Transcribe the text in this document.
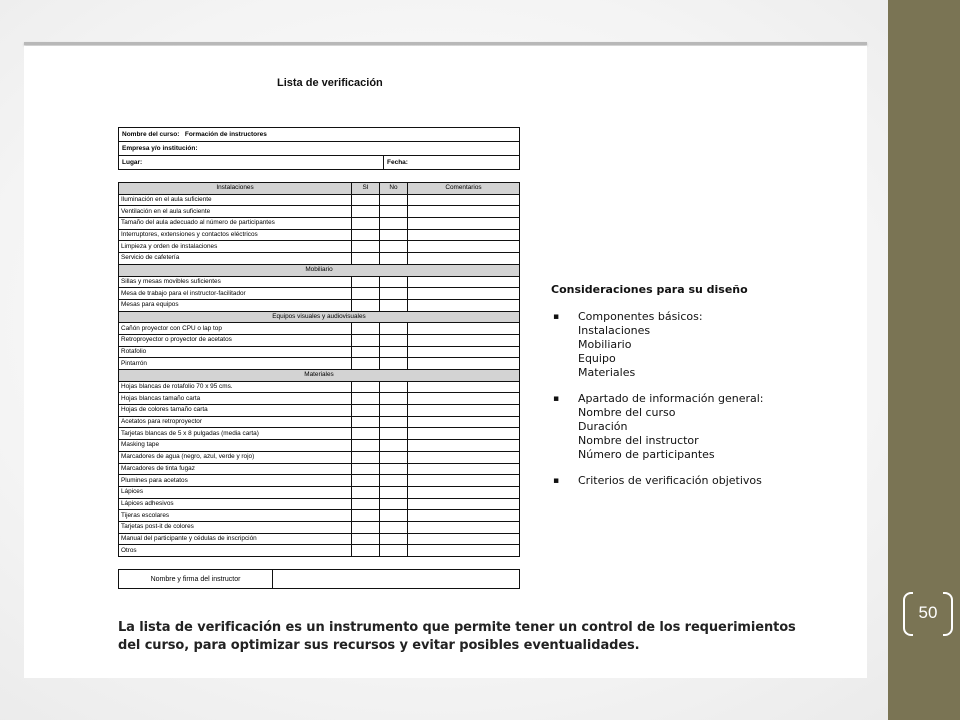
50
Lista de verificación
Nombre del curso: Formación de instructores
Empresa y/o institución:
Lugar:	Fecha:
Instalaciones	SI	No	Comentarios
Iluminación en el aula suficiente			
Ventilación en el aula suficiente			
Tamaño del aula adecuado al número de participantes			
Interruptores, extensiones y contactos eléctricos			
Limpieza y orden de instalaciones			
Servicio de cafetería			
Mobiliario			
Sillas y mesas movibles suficientes			
Mesa de trabajo para el instructor-facilitador			
Mesas para equipos			
Equipos visuales y audiovisuales			
Cañón proyector con CPU o lap top			
Retroproyector o proyector de acetatos			
Rotafolio			
Pintarrón			
Materiales			
Hojas blancas de rotafolio 70 x 95 cms.			
Hojas blancas tamaño carta			
Hojas de colores tamaño carta			
Acetatos para retroproyector			
Tarjetas blancas de 5 x 8 pulgadas (media carta)			
Masking tape			
Marcadores de agua (negro, azul, verde y rojo)			
Marcadores de tinta fugaz			
Plumines para acetatos			
Lápices			
Lápices adhesivos			
Tijeras escolares			
Tarjetas post-it de colores			
Manual del participante y cédulas de inscripción			
Otros			
Nombre y firma del instructor	
Consideraciones para su diseño
▪ Componentes básicos:
Instalaciones
Mobiliario
Equipo
Materiales
▪ Apartado de información general:
Nombre del curso
Duración
Nombre del instructor
Número de participantes
▪ Criterios de verificación objetivos
La lista de verificación es un instrumento que permite tener un control de los requerimientos del curso, para optimizar sus recursos y evitar posibles eventualidades.
